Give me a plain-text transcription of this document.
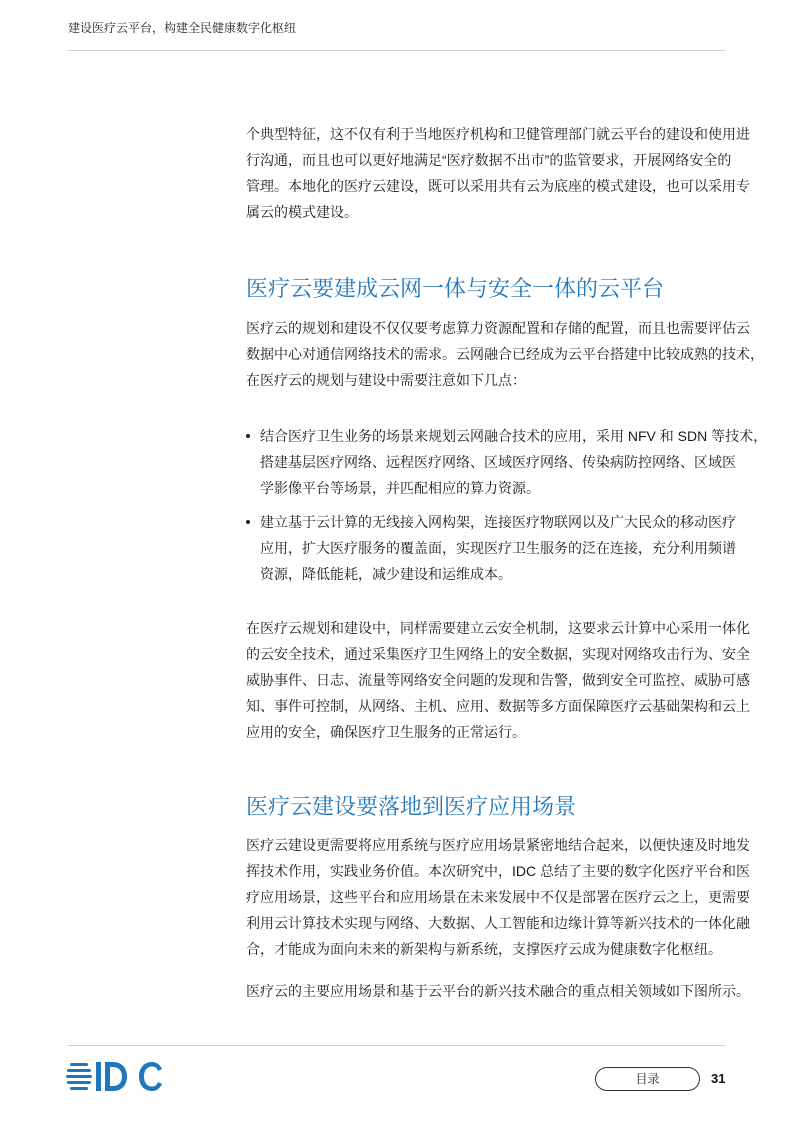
建设医疗云平台，构建全民健康数字化枢纽
个典型特征，这不仅有利于当地医疗机构和卫健管理部门就云平台的建设和使用进
行沟通，而且也可以更好地满足“医疗数据不出市”的监管要求，开展网络安全的
管理。本地化的医疗云建设，既可以采用共有云为底座的模式建设，也可以采用专
属云的模式建设。
医疗云要建成云网一体与安全一体的云平台
医疗云的规划和建设不仅仅要考虑算力资源配置和存储的配置，而且也需要评估云
数据中心对通信网络技术的需求。云网融合已经成为云平台搭建中比较成熟的技术，
在医疗云的规划与建设中需要注意如下几点：
结合医疗卫生业务的场景来规划云网融合技术的应用，采用 NFV 和 SDN 等技术，
搭建基层医疗网络、远程医疗网络、区域医疗网络、传染病防控网络、区域医
学影像平台等场景，并匹配相应的算力资源。
建立基于云计算的无线接入网构架，连接医疗物联网以及广大民众的移动医疗
应用，扩大医疗服务的覆盖面，实现医疗卫生服务的泛在连接，充分利用频谱
资源，降低能耗，减少建设和运维成本。
在医疗云规划和建设中，同样需要建立云安全机制，这要求云计算中心采用一体化
的云安全技术，通过采集医疗卫生网络上的安全数据，实现对网络攻击行为、安全
威胁事件、日志、流量等网络安全问题的发现和告警，做到安全可监控、威胁可感
知、事件可控制，从网络、主机、应用、数据等多方面保障医疗云基础架构和云上
应用的安全，确保医疗卫生服务的正常运行。
医疗云建设要落地到医疗应用场景
医疗云建设更需要将应用系统与医疗应用场景紧密地结合起来，以便快速及时地发
挥技术作用，实践业务价值。本次研究中，IDC 总结了主要的数字化医疗平台和医
疗应用场景，这些平台和应用场景在未来发展中不仅是部署在医疗云之上，更需要
利用云计算技术实现与网络、大数据、人工智能和边缘计算等新兴技术的一体化融
合，才能成为面向未来的新架构与新系统，支撑医疗云成为健康数字化枢纽。
医疗云的主要应用场景和基于云平台的新兴技术融合的重点相关领域如下图所示。
目录	31
